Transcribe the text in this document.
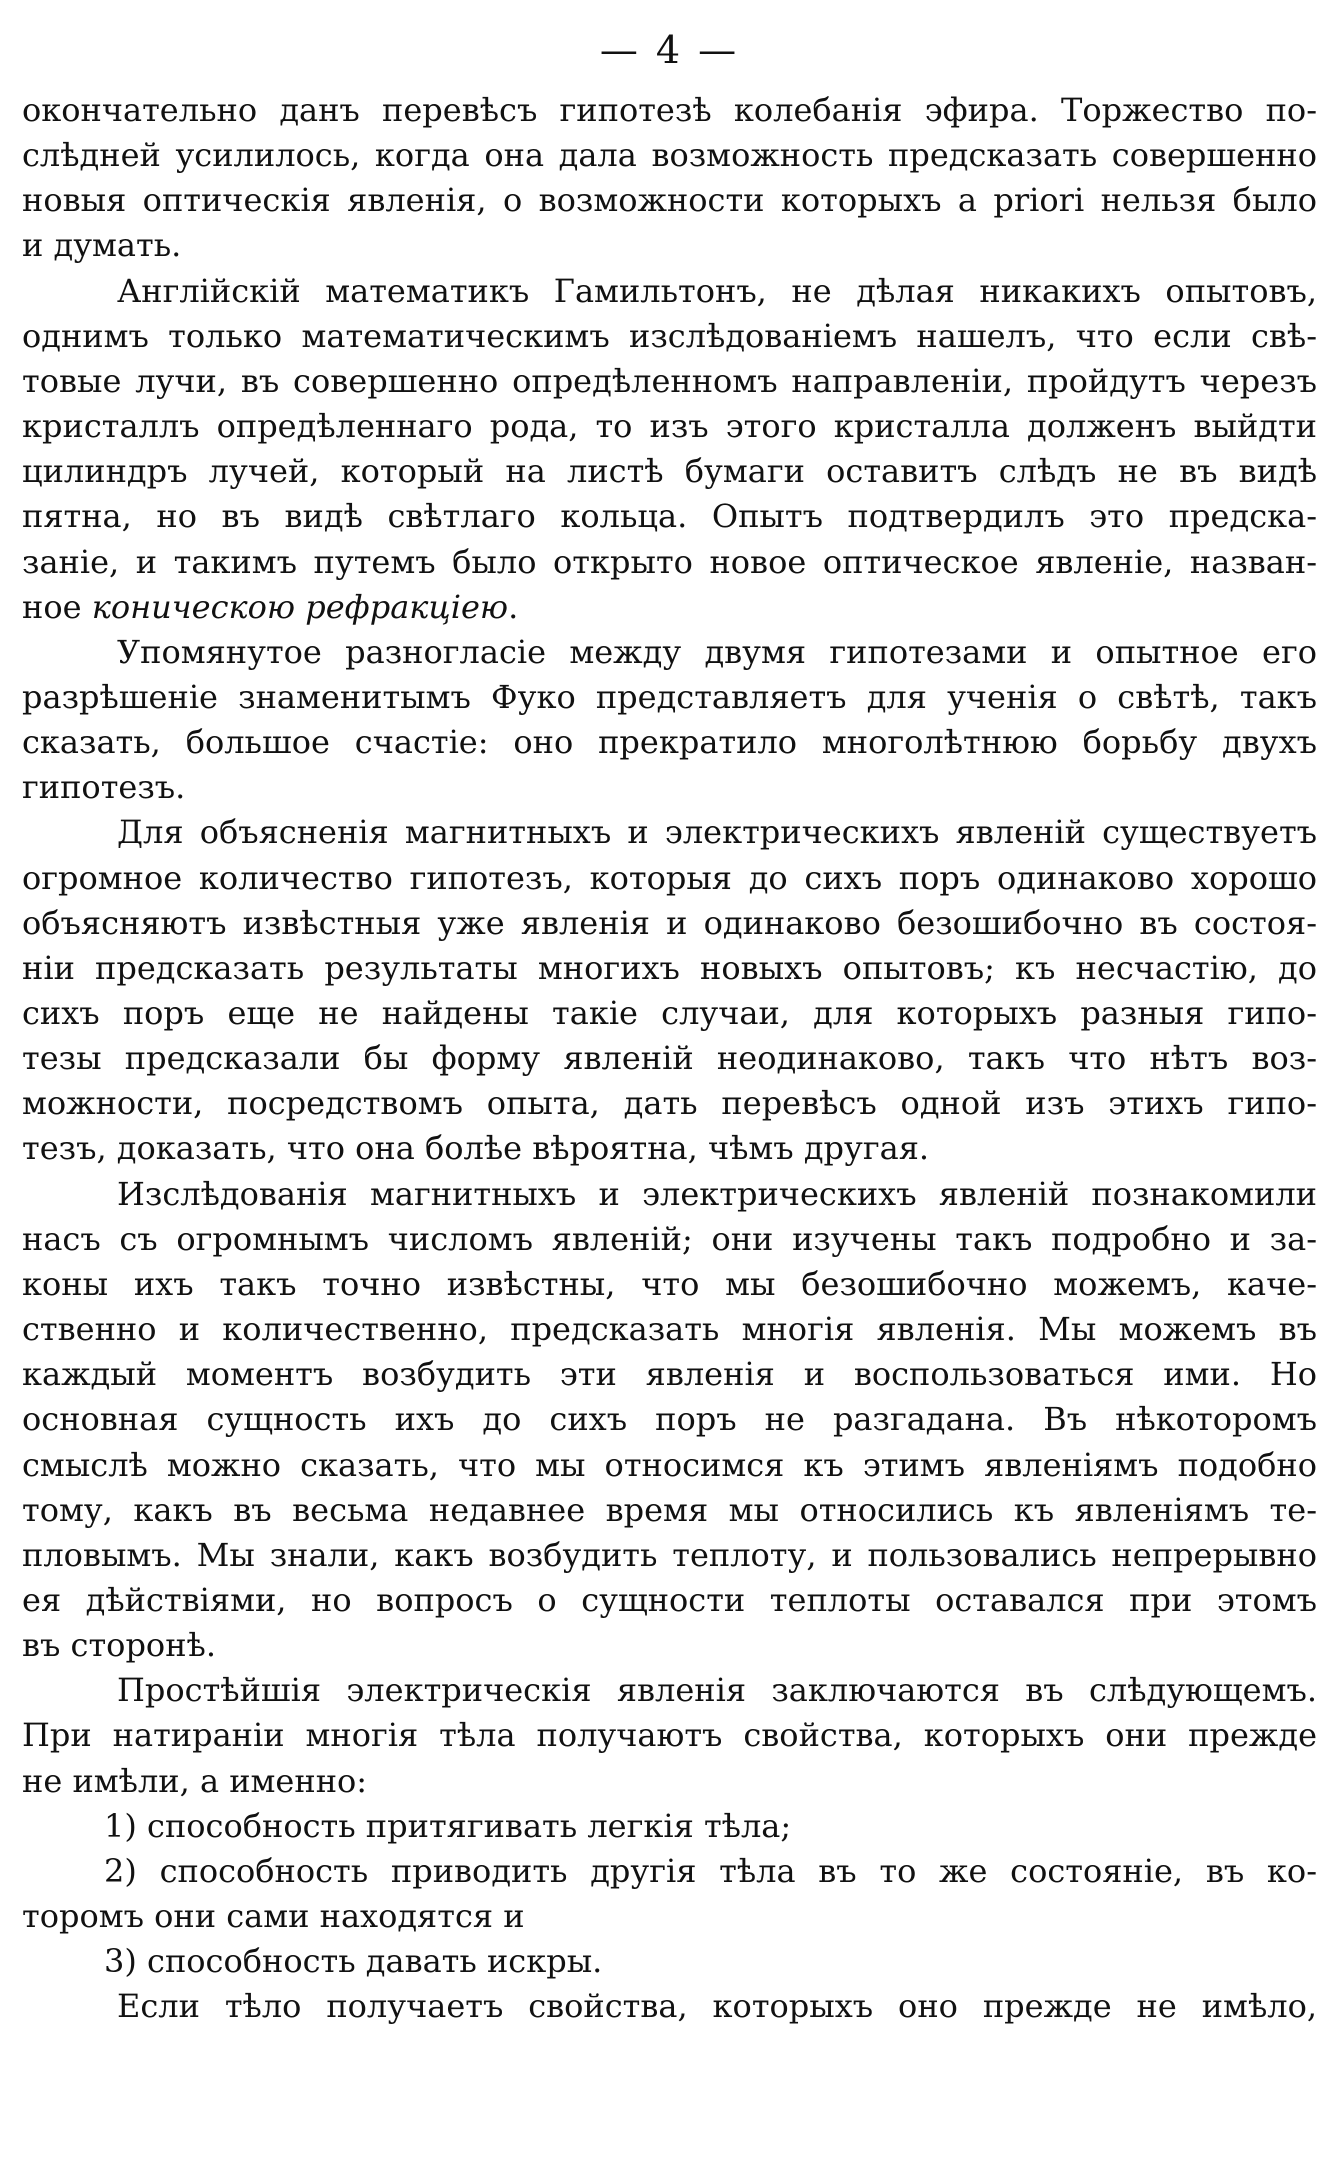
— 4 —
окончательно данъ перевѣсъ гипотезѣ колебанія эфира. Торжество по-
слѣдней усилилось, когда она дала возможность предсказать совершенно
новыя оптическія явленія, о возможности которыхъ a priori нельзя было
и думать.
Англійскій математикъ Гамильтонъ, не дѣлая никакихъ опытовъ,
однимъ только математическимъ изслѣдованіемъ нашелъ, что если свѣ-
товые лучи, въ совершенно опредѣленномъ направленіи, пройдутъ черезъ
кристаллъ опредѣленнаго рода, то изъ этого кристалла долженъ выйдти
цилиндръ лучей, который на листѣ бумаги оставитъ слѣдъ не въ видѣ
пятна, но въ видѣ свѣтлаго кольца. Опытъ подтвердилъ это предска-
заніе, и такимъ путемъ было открыто новое оптическое явленіе, назван-
ное коническою рефракціею.
Упомянутое разногласіе между двумя гипотезами и опытное его
разрѣшеніе знаменитымъ Фуко представляетъ для ученія о свѣтѣ, такъ
сказать, большое счастіе: оно прекратило многолѣтнюю борьбу двухъ
гипотезъ.
Для объясненія магнитныхъ и электрическихъ явленій существуетъ
огромное количество гипотезъ, которыя до сихъ поръ одинаково хорошо
объясняютъ извѣстныя уже явленія и одинаково безошибочно въ состоя-
ніи предсказать результаты многихъ новыхъ опытовъ; къ несчастію, до
сихъ поръ еще не найдены такіе случаи, для которыхъ разныя гипо-
тезы предсказали бы форму явленій неодинаково, такъ что нѣтъ воз-
можности, посредствомъ опыта, дать перевѣсъ одной изъ этихъ гипо-
тезъ, доказать, что она болѣе вѣроятна, чѣмъ другая.
Изслѣдованія магнитныхъ и электрическихъ явленій познакомили
насъ съ огромнымъ числомъ явленій; они изучены такъ подробно и за-
коны ихъ такъ точно извѣстны, что мы безошибочно можемъ, каче-
ственно и количественно, предсказать многія явленія. Мы можемъ въ
каждый моментъ возбудить эти явленія и воспользоваться ими. Но
основная сущность ихъ до сихъ поръ не разгадана. Въ нѣкоторомъ
смыслѣ можно сказать, что мы относимся къ этимъ явленіямъ подобно
тому, какъ въ весьма недавнее время мы относились къ явленіямъ те-
пловымъ. Мы знали, какъ возбудить теплоту, и пользовались непрерывно
ея дѣйствіями, но вопросъ о сущности теплоты оставался при этомъ
въ сторонѣ.
Простѣйшія электрическія явленія заключаются въ слѣдующемъ.
При натираніи многія тѣла получаютъ свойства, которыхъ они прежде
не имѣли, а именно:
1) способность притягивать легкія тѣла;
2) способность приводить другія тѣла въ то же состояніе, въ ко-
торомъ они сами находятся и
3) способность давать искры.
Если тѣло получаетъ свойства, которыхъ оно прежде не имѣло,
